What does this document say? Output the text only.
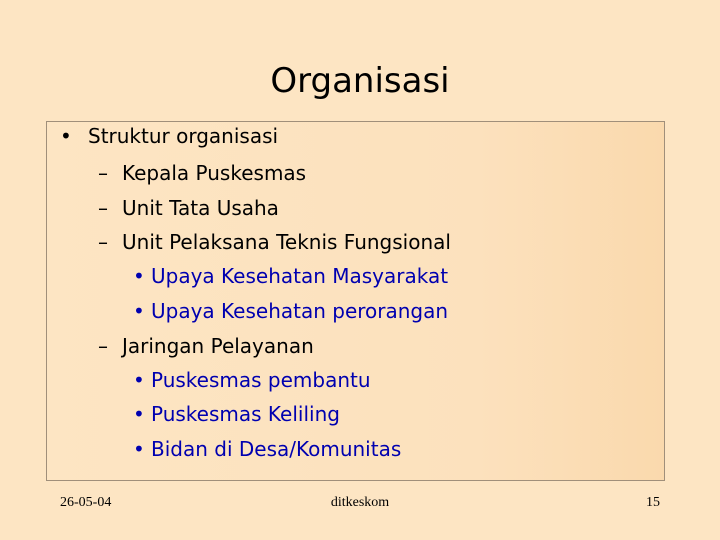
Organisasi
• Struktur organisasi
– Kepala Puskesmas
– Unit Tata Usaha
– Unit Pelaksana Teknis Fungsional
• Upaya Kesehatan Masyarakat
• Upaya Kesehatan perorangan
– Jaringan Pelayanan
• Puskesmas pembantu
• Puskesmas Keliling
• Bidan di Desa/Komunitas
26-05-04	ditkeskom	15
